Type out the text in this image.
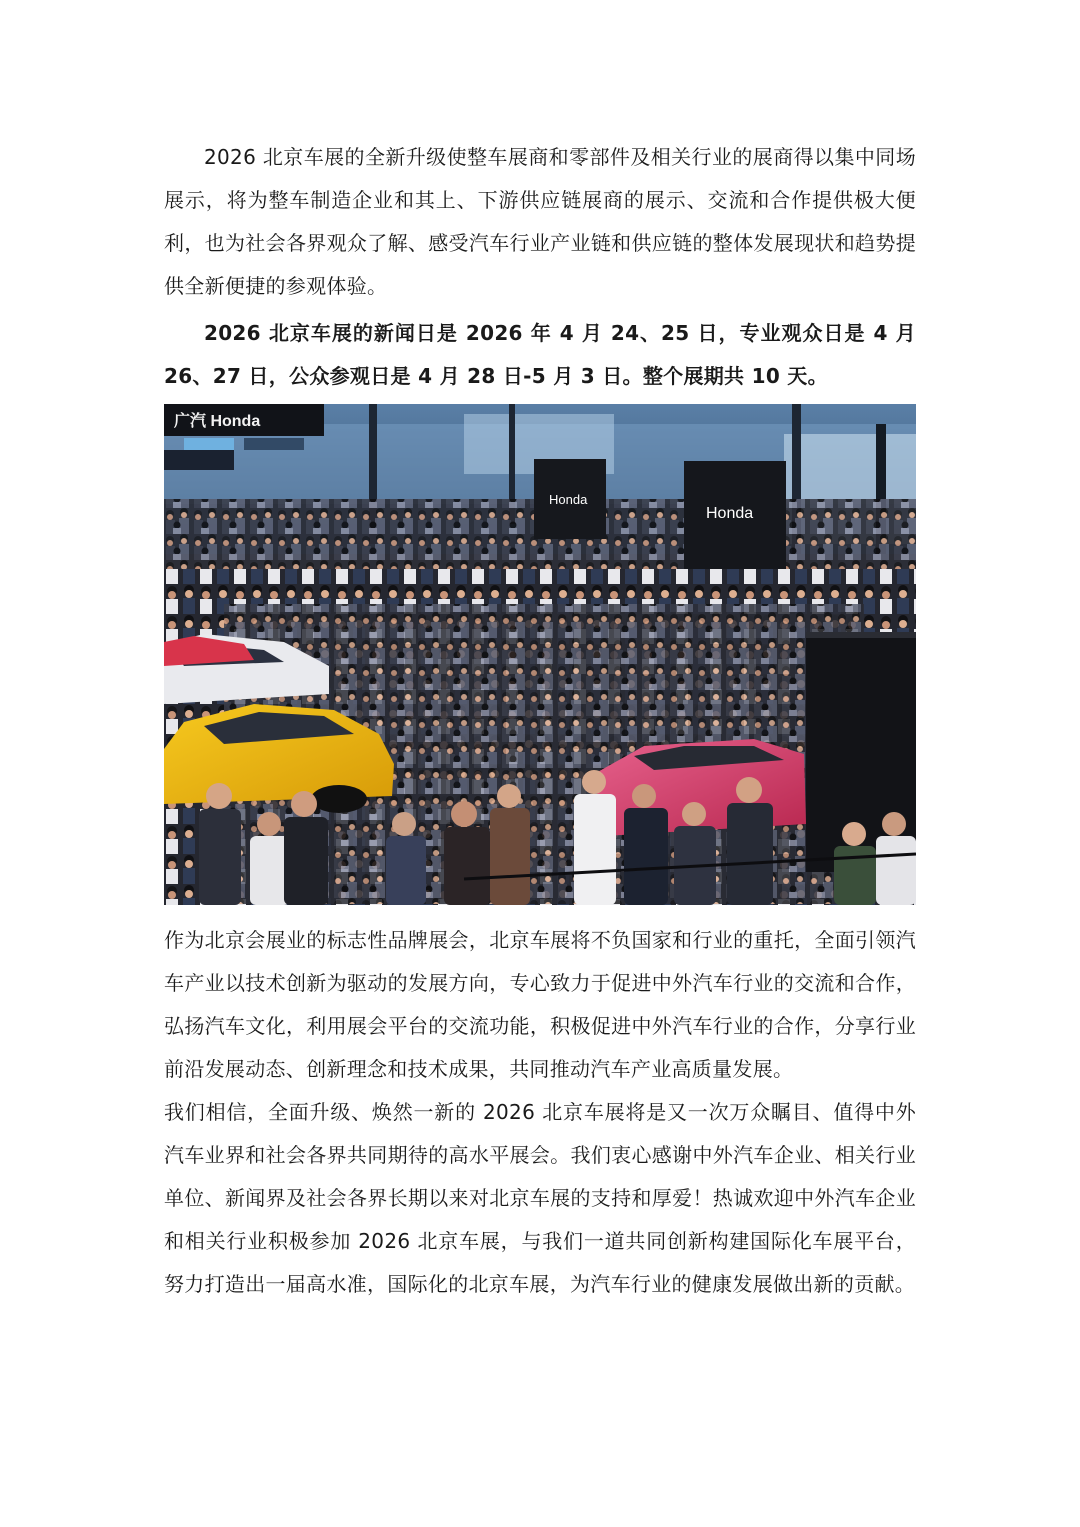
2026 北京车展的全新升级使整车展商和零部件及相关行业的展商得以集中同场展示，将为整车制造企业和其上、下游供应链展商的展示、交流和合作提供极大便利，也为社会各界观众了解、感受汽车行业产业链和供应链的整体发展现状和趋势提供全新便捷的参观体验。

2026 北京车展的新闻日是 2026 年 4 月 24、25 日，专业观众日是 4 月 26、27 日，公众参观日是 4 月 28 日-5 月 3 日。整个展期共 10 天。

广汽 Honda
Honda
Honda

作为北京会展业的标志性品牌展会，北京车展将不负国家和行业的重托，全面引领汽车产业以技术创新为驱动的发展方向，专心致力于促进中外汽车行业的交流和合作，弘扬汽车文化，利用展会平台的交流功能，积极促进中外汽车行业的合作，分享行业前沿发展动态、创新理念和技术成果，共同推动汽车产业高质量发展。

我们相信，全面升级、焕然一新的 2026 北京车展将是又一次万众瞩目、值得中外汽车业界和社会各界共同期待的高水平展会。我们衷心感谢中外汽车企业、相关行业单位、新闻界及社会各界长期以来对北京车展的支持和厚爱！热诚欢迎中外汽车企业和相关行业积极参加 2026 北京车展，与我们一道共同创新构建国际化车展平台，努力打造出一届高水准，国际化的北京车展，为汽车行业的健康发展做出新的贡献。
